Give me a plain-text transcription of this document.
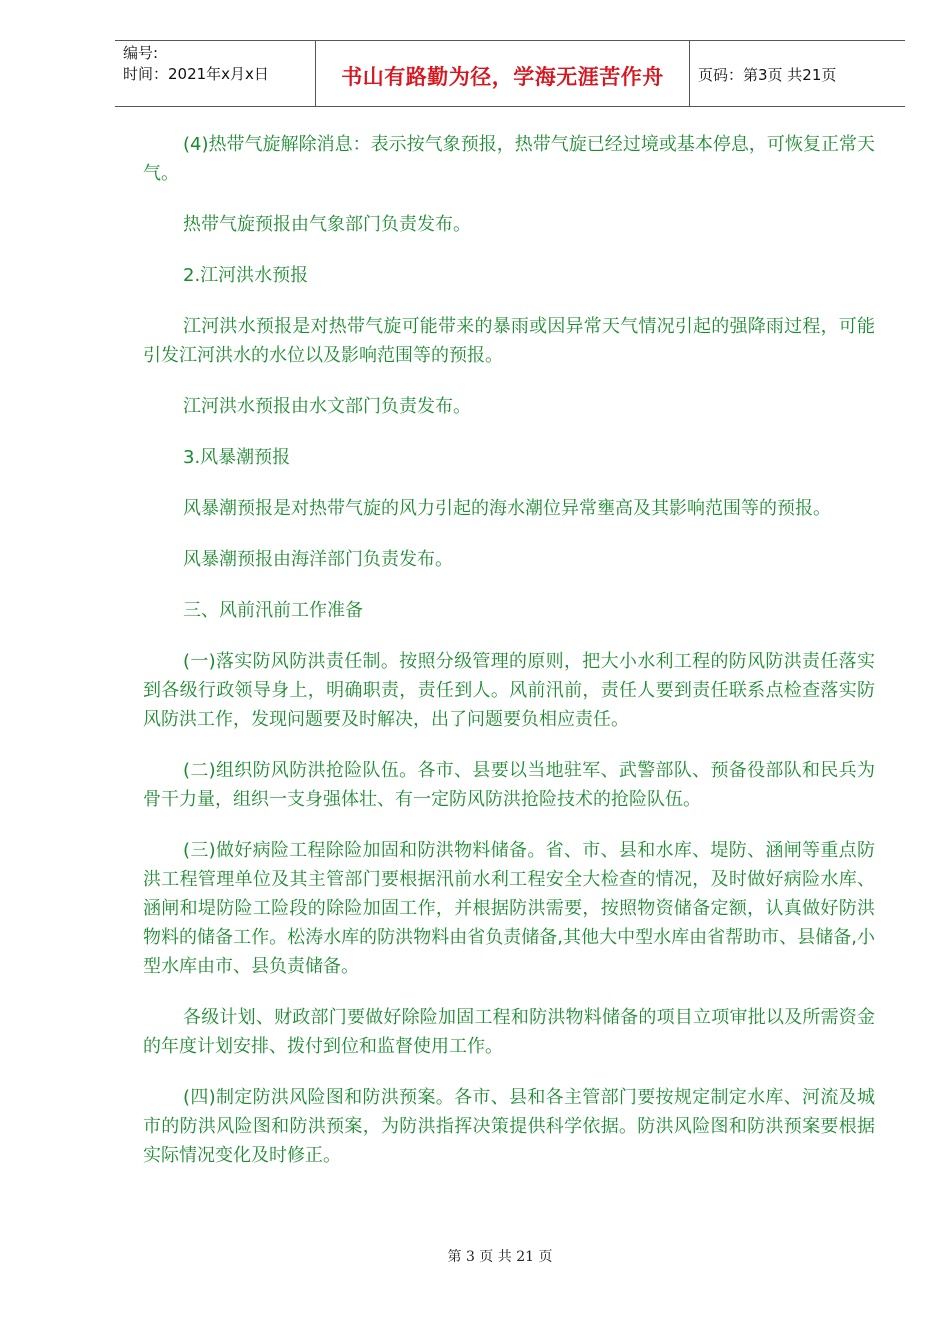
编号:
时间：2021年x月x日	书山有路勤为径，学海无涯苦作舟	页码：第3页 共21页

(4)热带气旋解除消息：表示按气象预报，热带气旋已经过境或基本停息，可恢复正常天气。

热带气旋预报由气象部门负责发布。

2.江河洪水预报

江河洪水预报是对热带气旋可能带来的暴雨或因异常天气情况引起的强降雨过程，可能引发江河洪水的水位以及影响范围等的预报。

江河洪水预报由水文部门负责发布。

3.风暴潮预报

风暴潮预报是对热带气旋的风力引起的海水潮位异常壅高及其影响范围等的预报。

风暴潮预报由海洋部门负责发布。

三、风前汛前工作准备

(一)落实防风防洪责任制。按照分级管理的原则，把大小水利工程的防风防洪责任落实到各级行政领导身上，明确职责，责任到人。风前汛前，责任人要到责任联系点检查落实防风防洪工作，发现问题要及时解决，出了问题要负相应责任。

(二)组织防风防洪抢险队伍。各市、县要以当地驻军、武警部队、预备役部队和民兵为骨干力量，组织一支身强体壮、有一定防风防洪抢险技术的抢险队伍。

(三)做好病险工程除险加固和防洪物料储备。省、市、县和水库、堤防、涵闸等重点防洪工程管理单位及其主管部门要根据汛前水利工程安全大检查的情况，及时做好病险水库、涵闸和堤防险工险段的除险加固工作，并根据防洪需要，按照物资储备定额，认真做好防洪物料的储备工作。松涛水库的防洪物料由省负责储备,其他大中型水库由省帮助市、县储备,小型水库由市、县负责储备。

各级计划、财政部门要做好除险加固工程和防洪物料储备的项目立项审批以及所需资金的年度计划安排、拨付到位和监督使用工作。

(四)制定防洪风险图和防洪预案。各市、县和各主管部门要按规定制定水库、河流及城市的防洪风险图和防洪预案，为防洪指挥决策提供科学依据。防洪风险图和防洪预案要根据实际情况变化及时修正。

第 3 页 共 21 页
